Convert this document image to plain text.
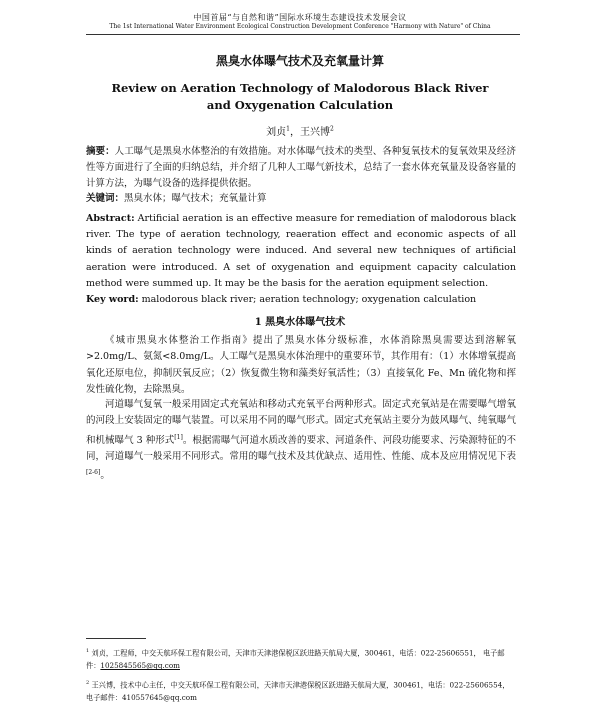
中国首届“与自然和谐”国际水环境生态建设技术发展会议
The 1st International Water Environment Ecological Construction Development Conference "Harmony with Nature" of China
黑臭水体曝气技术及充氧量计算
Review on Aeration Technology of Malodorous Black River and Oxygenation Calculation
刘贞$^1$，王兴博$^2$
摘要：人工曝气是黑臭水体整治的有效措施。对水体曝气技术的类型、各种复氧技术的复氧效果及经济性等方面进行了全面的归纳总结，并介绍了几种人工曝气新技术，总结了一套水体充氧量及设备容量的计算方法，为曝气设备的选择提供依据。
关键词：黑臭水体；曝气技术；充氧量计算
Abstract: Artificial aeration is an effective measure for remediation of malodorous black river. The type of aeration technology, reaeration effect and economic aspects of all kinds of aeration technology were induced. And several new techniques of artificial aeration were introduced. A set of oxygenation and equipment capacity calculation method were summed up. It may be the basis for the aeration equipment selection.
Key word: malodorous black river; aeration technology; oxygenation calculation
1 黑臭水体曝气技术
《城市黑臭水体整治工作指南》提出了黑臭水体分级标准，水体消除黑臭需要达到溶解氧>2.0mg/L、氨氮<8.0mg/L。人工曝气是黑臭水体治理中的重要环节，其作用有：（1）水体增氧提高氧化还原电位，抑制厌氧反应；（2）恢复微生物和藻类好氧活性；（3）直接氧化 Fe、Mn 硫化物和挥发性硫化物，去除黑臭。
河道曝气复氧一般采用固定式充氧站和移动式充氧平台两种形式。固定式充氧站是在需要曝气增氧的河段上安装固定的曝气装置。可以采用不同的曝气形式。固定式充氧站主要分为鼓风曝气、纯氧曝气和机械曝气 3 种形式[1]。根据需曝气河道水质改善的要求、河道条件、河段功能要求、污染源特征的不同，河道曝气一般采用不同形式。常用的曝气技术及其优缺点、适用性、性能、成本及应用情况见下表[2-6]。
$^1$ 刘贞，工程师，中交天航环保工程有限公司，天津市天津港保税区跃进路天航局大厦，300461，电话：022-25606551， 电子邮件：1025845565@qq.com
$^2$ 王兴博，技术中心主任，中交天航环保工程有限公司，天津市天津港保税区跃进路天航局大厦，300461，电话：022-25606554， 电子邮件：410557645@qq.com
